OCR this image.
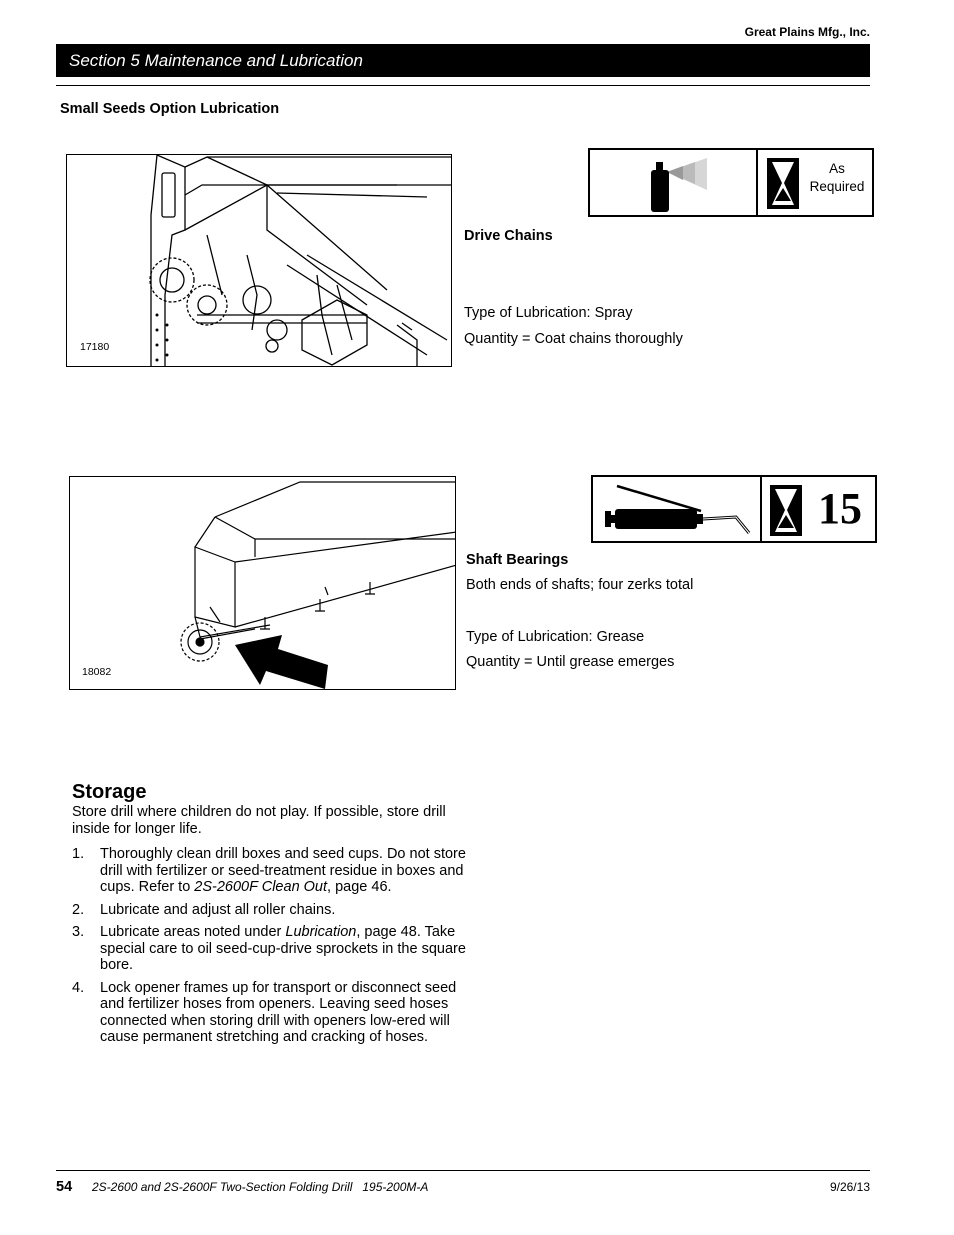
Great Plains Mfg., Inc.
Section 5 Maintenance and Lubrication
Small Seeds Option Lubrication
17180
As Required
Drive Chains
Type of Lubrication: Spray
Quantity = Coat chains thoroughly
18082
15
Shaft Bearings
Both ends of shafts; four zerks total
Type of Lubrication: Grease
Quantity = Until grease emerges
Storage

Store drill where children do not play. If possible, store drill inside for longer life.

1. Thoroughly clean drill boxes and seed cups. Do not store drill with fertilizer or seed-treatment residue in boxes and cups. Refer to 2S-2600F Clean Out, page 46.
2. Lubricate and adjust all roller chains.
3. Lubricate areas noted under Lubrication, page 48. Take special care to oil seed-cup-drive sprockets in the square bore.
4. Lock opener frames up for transport or disconnect seed and fertilizer hoses from openers. Leaving seed hoses connected when storing drill with openers low-ered will cause permanent stretching and cracking of hoses.
54 2S-2600 and 2S-2600F Two-Section Folding Drill   195-200M-A	9/26/13
